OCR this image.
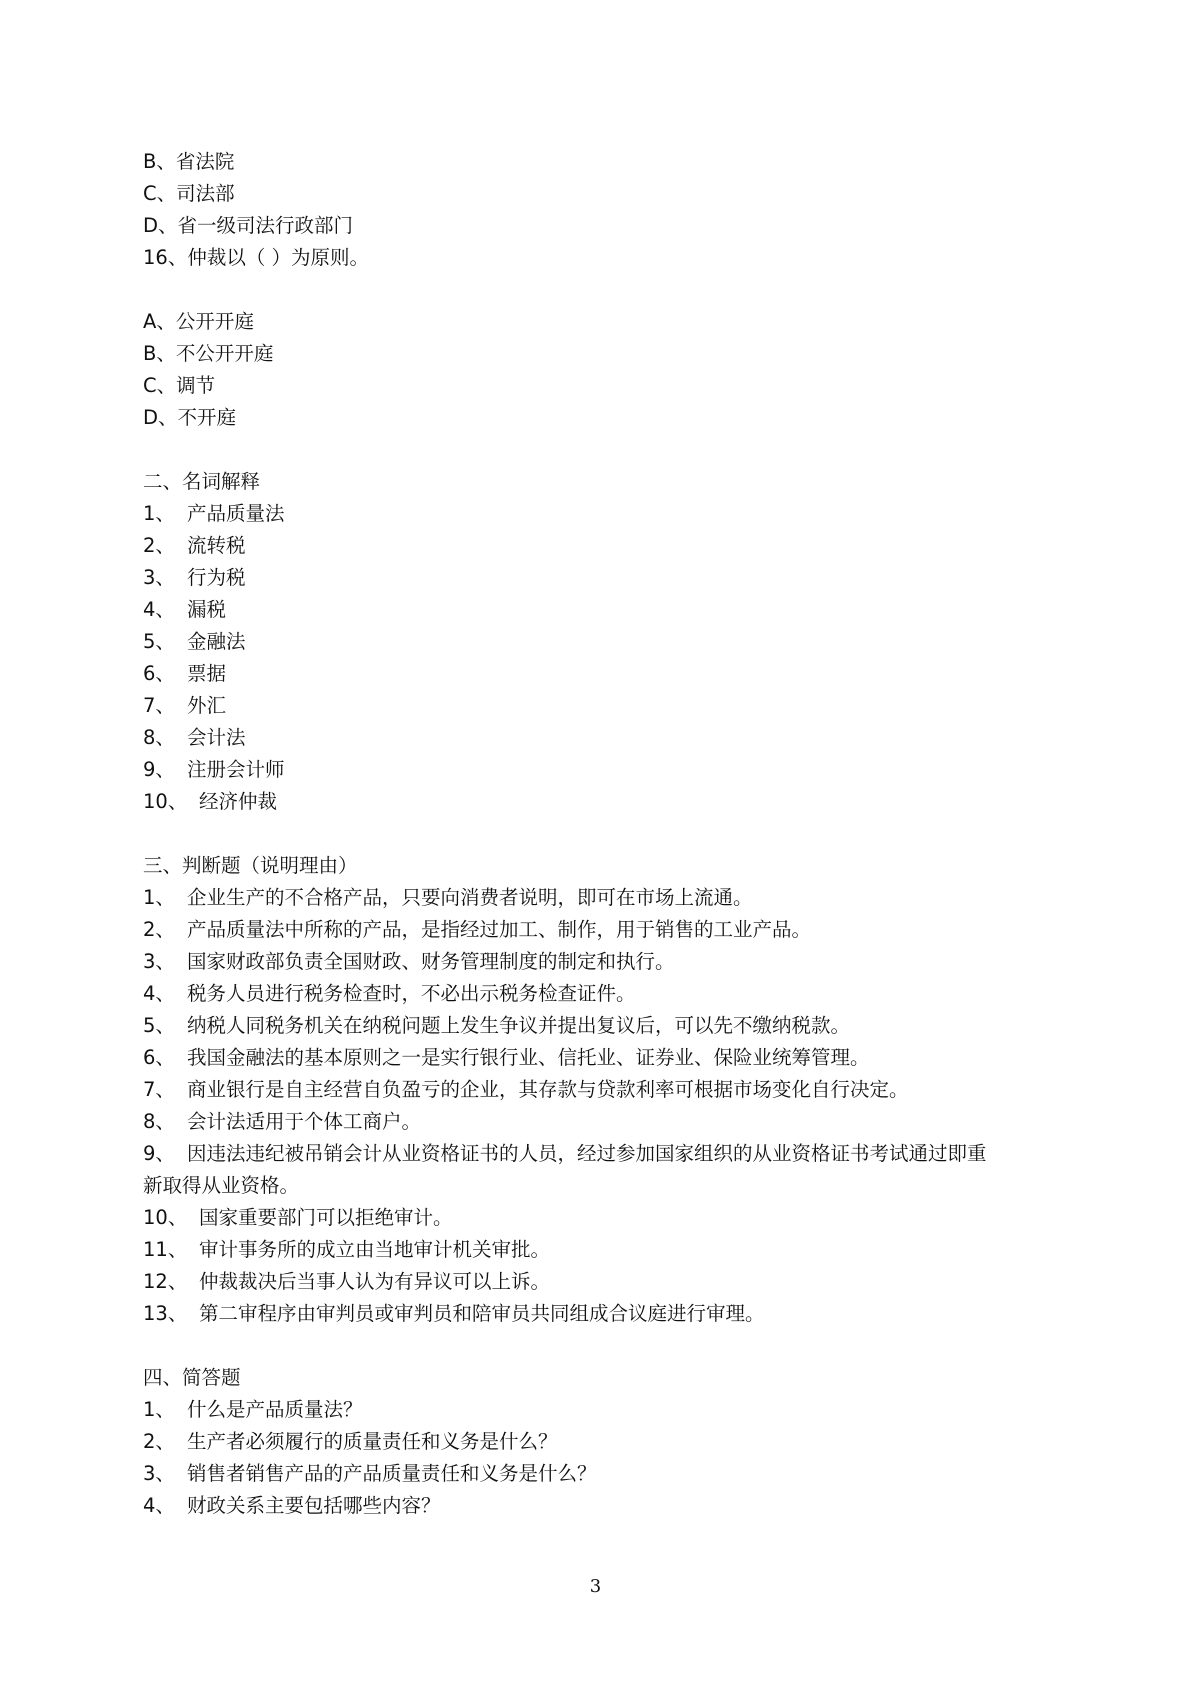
B 、 省法院
C 、 司法部
D 、 省一级司法行政部门
16 、 仲裁以（ ）为原则。
A 、 公开开庭
B 、 不公开开庭
C 、 调节
D 、 不开庭
二、名词解释
1、 产品质量法
2、 流转税
3、 行为税
4、 漏税
5、 金融法
6、 票据
7、 外汇
8、 会计法
9、 注册会计师
10、 经济仲裁
三、判断题（说明理由）
1、 企业生产的不合格产品，只要向消费者说明，即可在市场上流通。
2、 产品质量法中所称的产品，是指经过加工、制作，用于销售的工业产品。
3、 国家财政部负责全国财政、财务管理制度的制定和执行。
4、 税务人员进行税务检查时，不必出示税务检查证件。
5、 纳税人同税务机关在纳税问题上发生争议并提出复议后，可以先不缴纳税款。
6、 我国金融法的基本原则之一是实行银行业、信托业、证券业、保险业统筹管理。
7、 商业银行是自主经营自负盈亏的企业，其存款与贷款利率可根据市场变化自行决定。
8、 会计法适用于个体工商户。
9、 因违法违纪被吊销会计从业资格证书的人员，经过参加国家组织的从业资格证书考试通过即重
新取得从业资格。
10、 国家重要部门可以拒绝审计。
11、 审计事务所的成立由当地审计机关审批。
12、 仲裁裁决后当事人认为有异议可以上诉。
13、 第二审程序由审判员或审判员和陪审员共同组成合议庭进行审理。
四、简答题
1、 什么是产品质量法？
2、 生产者必须履行的质量责任和义务是什么？
3、 销售者销售产品的产品质量责任和义务是什么？
4、 财政关系主要包括哪些内容？
3
